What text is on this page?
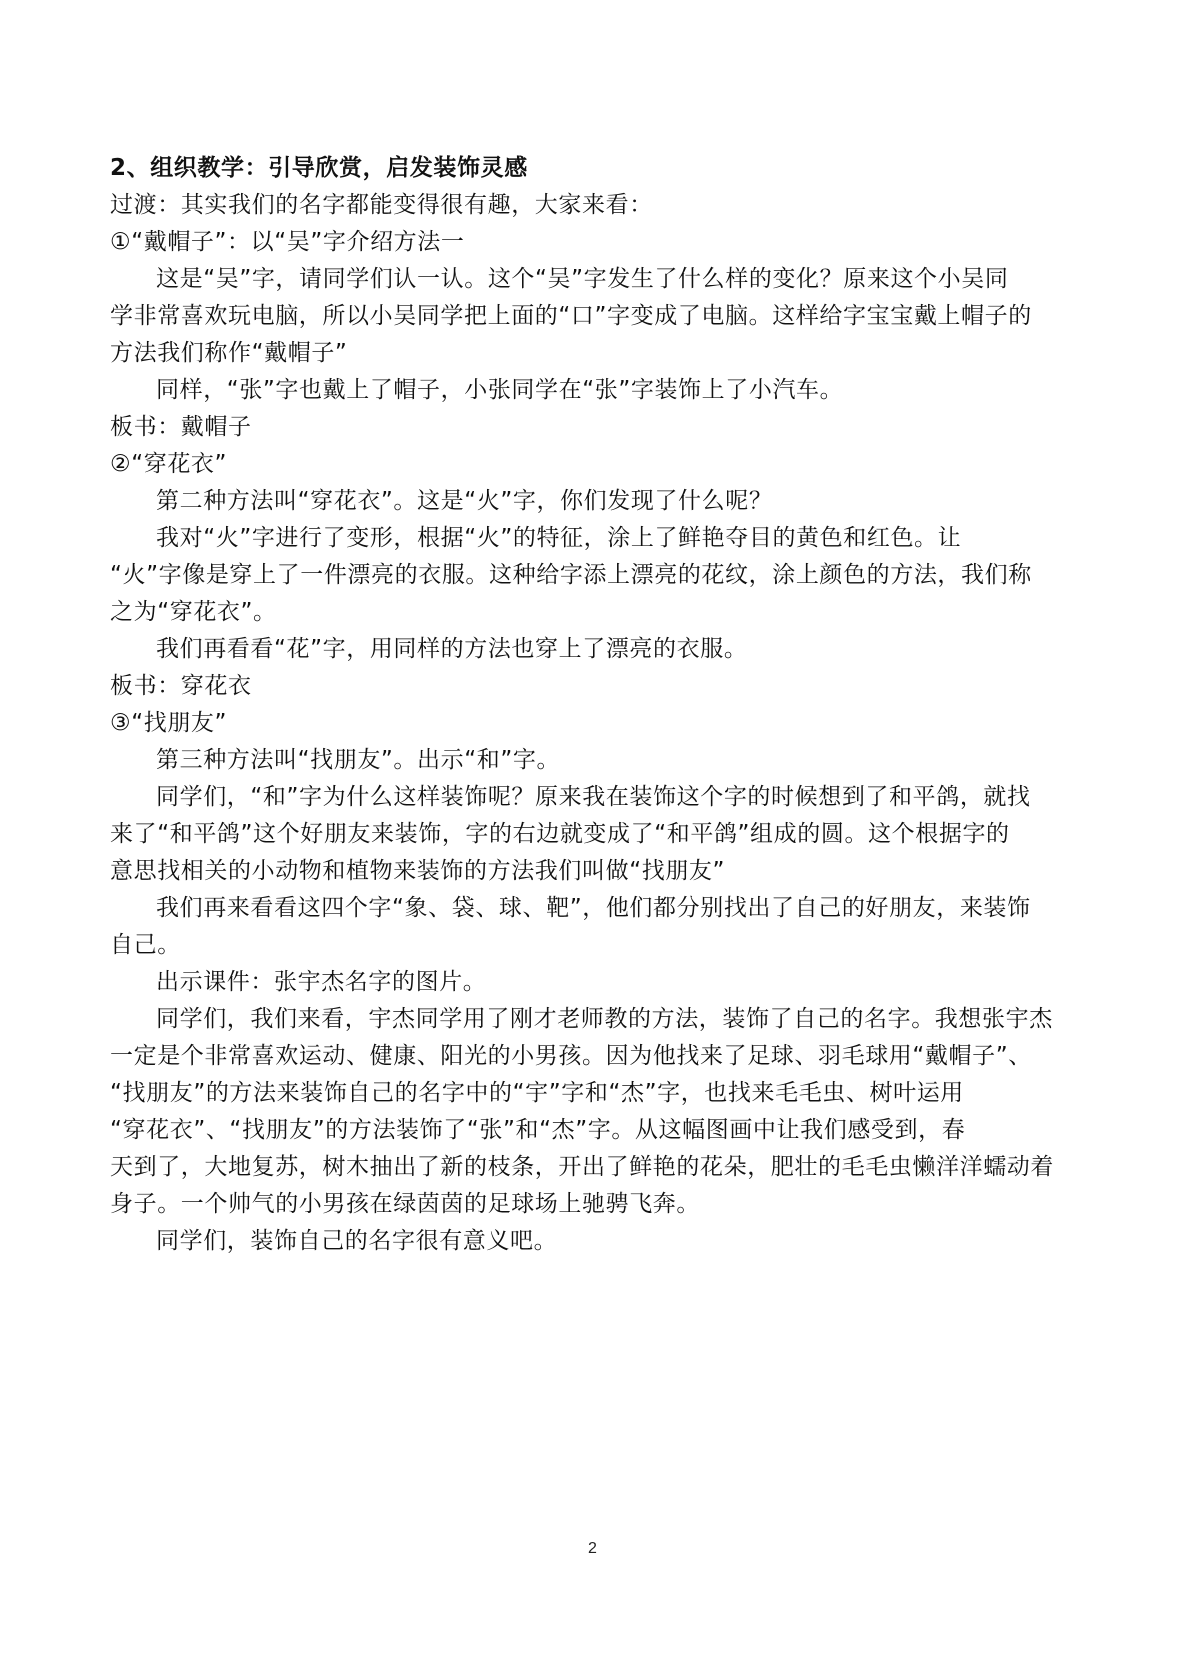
2、组织教学：引导欣赏，启发装饰灵感
过渡：其实我们的名字都能变得很有趣，大家来看：
①“戴帽子”：以“吴”字介绍方法一
这是“吴”字，请同学们认一认。这个“吴”字发生了什么样的变化？原来这个小吴同
学非常喜欢玩电脑，所以小吴同学把上面的“口”字变成了电脑。这样给字宝宝戴上帽子的
方法我们称作“戴帽子”
同样，“张”字也戴上了帽子，小张同学在“张”字装饰上了小汽车。
板书：戴帽子
②“穿花衣”
第二种方法叫“穿花衣”。这是“火”字，你们发现了什么呢？
我对“火”字进行了变形，根据“火”的特征，涂上了鲜艳夺目的黄色和红色。让
“火”字像是穿上了一件漂亮的衣服。这种给字添上漂亮的花纹，涂上颜色的方法，我们称
之为“穿花衣”。
我们再看看“花”字，用同样的方法也穿上了漂亮的衣服。
板书：穿花衣
③“找朋友”
第三种方法叫“找朋友”。出示“和”字。
同学们，“和”字为什么这样装饰呢？原来我在装饰这个字的时候想到了和平鸽，就找
来了“和平鸽”这个好朋友来装饰，字的右边就变成了“和平鸽”组成的圆。这个根据字的
意思找相关的小动物和植物来装饰的方法我们叫做“找朋友”
我们再来看看这四个字“象、袋、球、靶”，他们都分别找出了自己的好朋友，来装饰
自己。
出示课件：张宇杰名字的图片。
同学们，我们来看，宇杰同学用了刚才老师教的方法，装饰了自己的名字。我想张宇杰
一定是个非常喜欢运动、健康、阳光的小男孩。因为他找来了足球、羽毛球用“戴帽子”、
“找朋友”的方法来装饰自己的名字中的“宇”字和“杰”字，也找来毛毛虫、树叶运用
“穿花衣”、“找朋友”的方法装饰了“张”和“杰”字。从这幅图画中让我们感受到，春
天到了，大地复苏，树木抽出了新的枝条，开出了鲜艳的花朵，肥壮的毛毛虫懒洋洋蠕动着
身子。一个帅气的小男孩在绿茵茵的足球场上驰骋飞奔。
同学们，装饰自己的名字很有意义吧。
2
